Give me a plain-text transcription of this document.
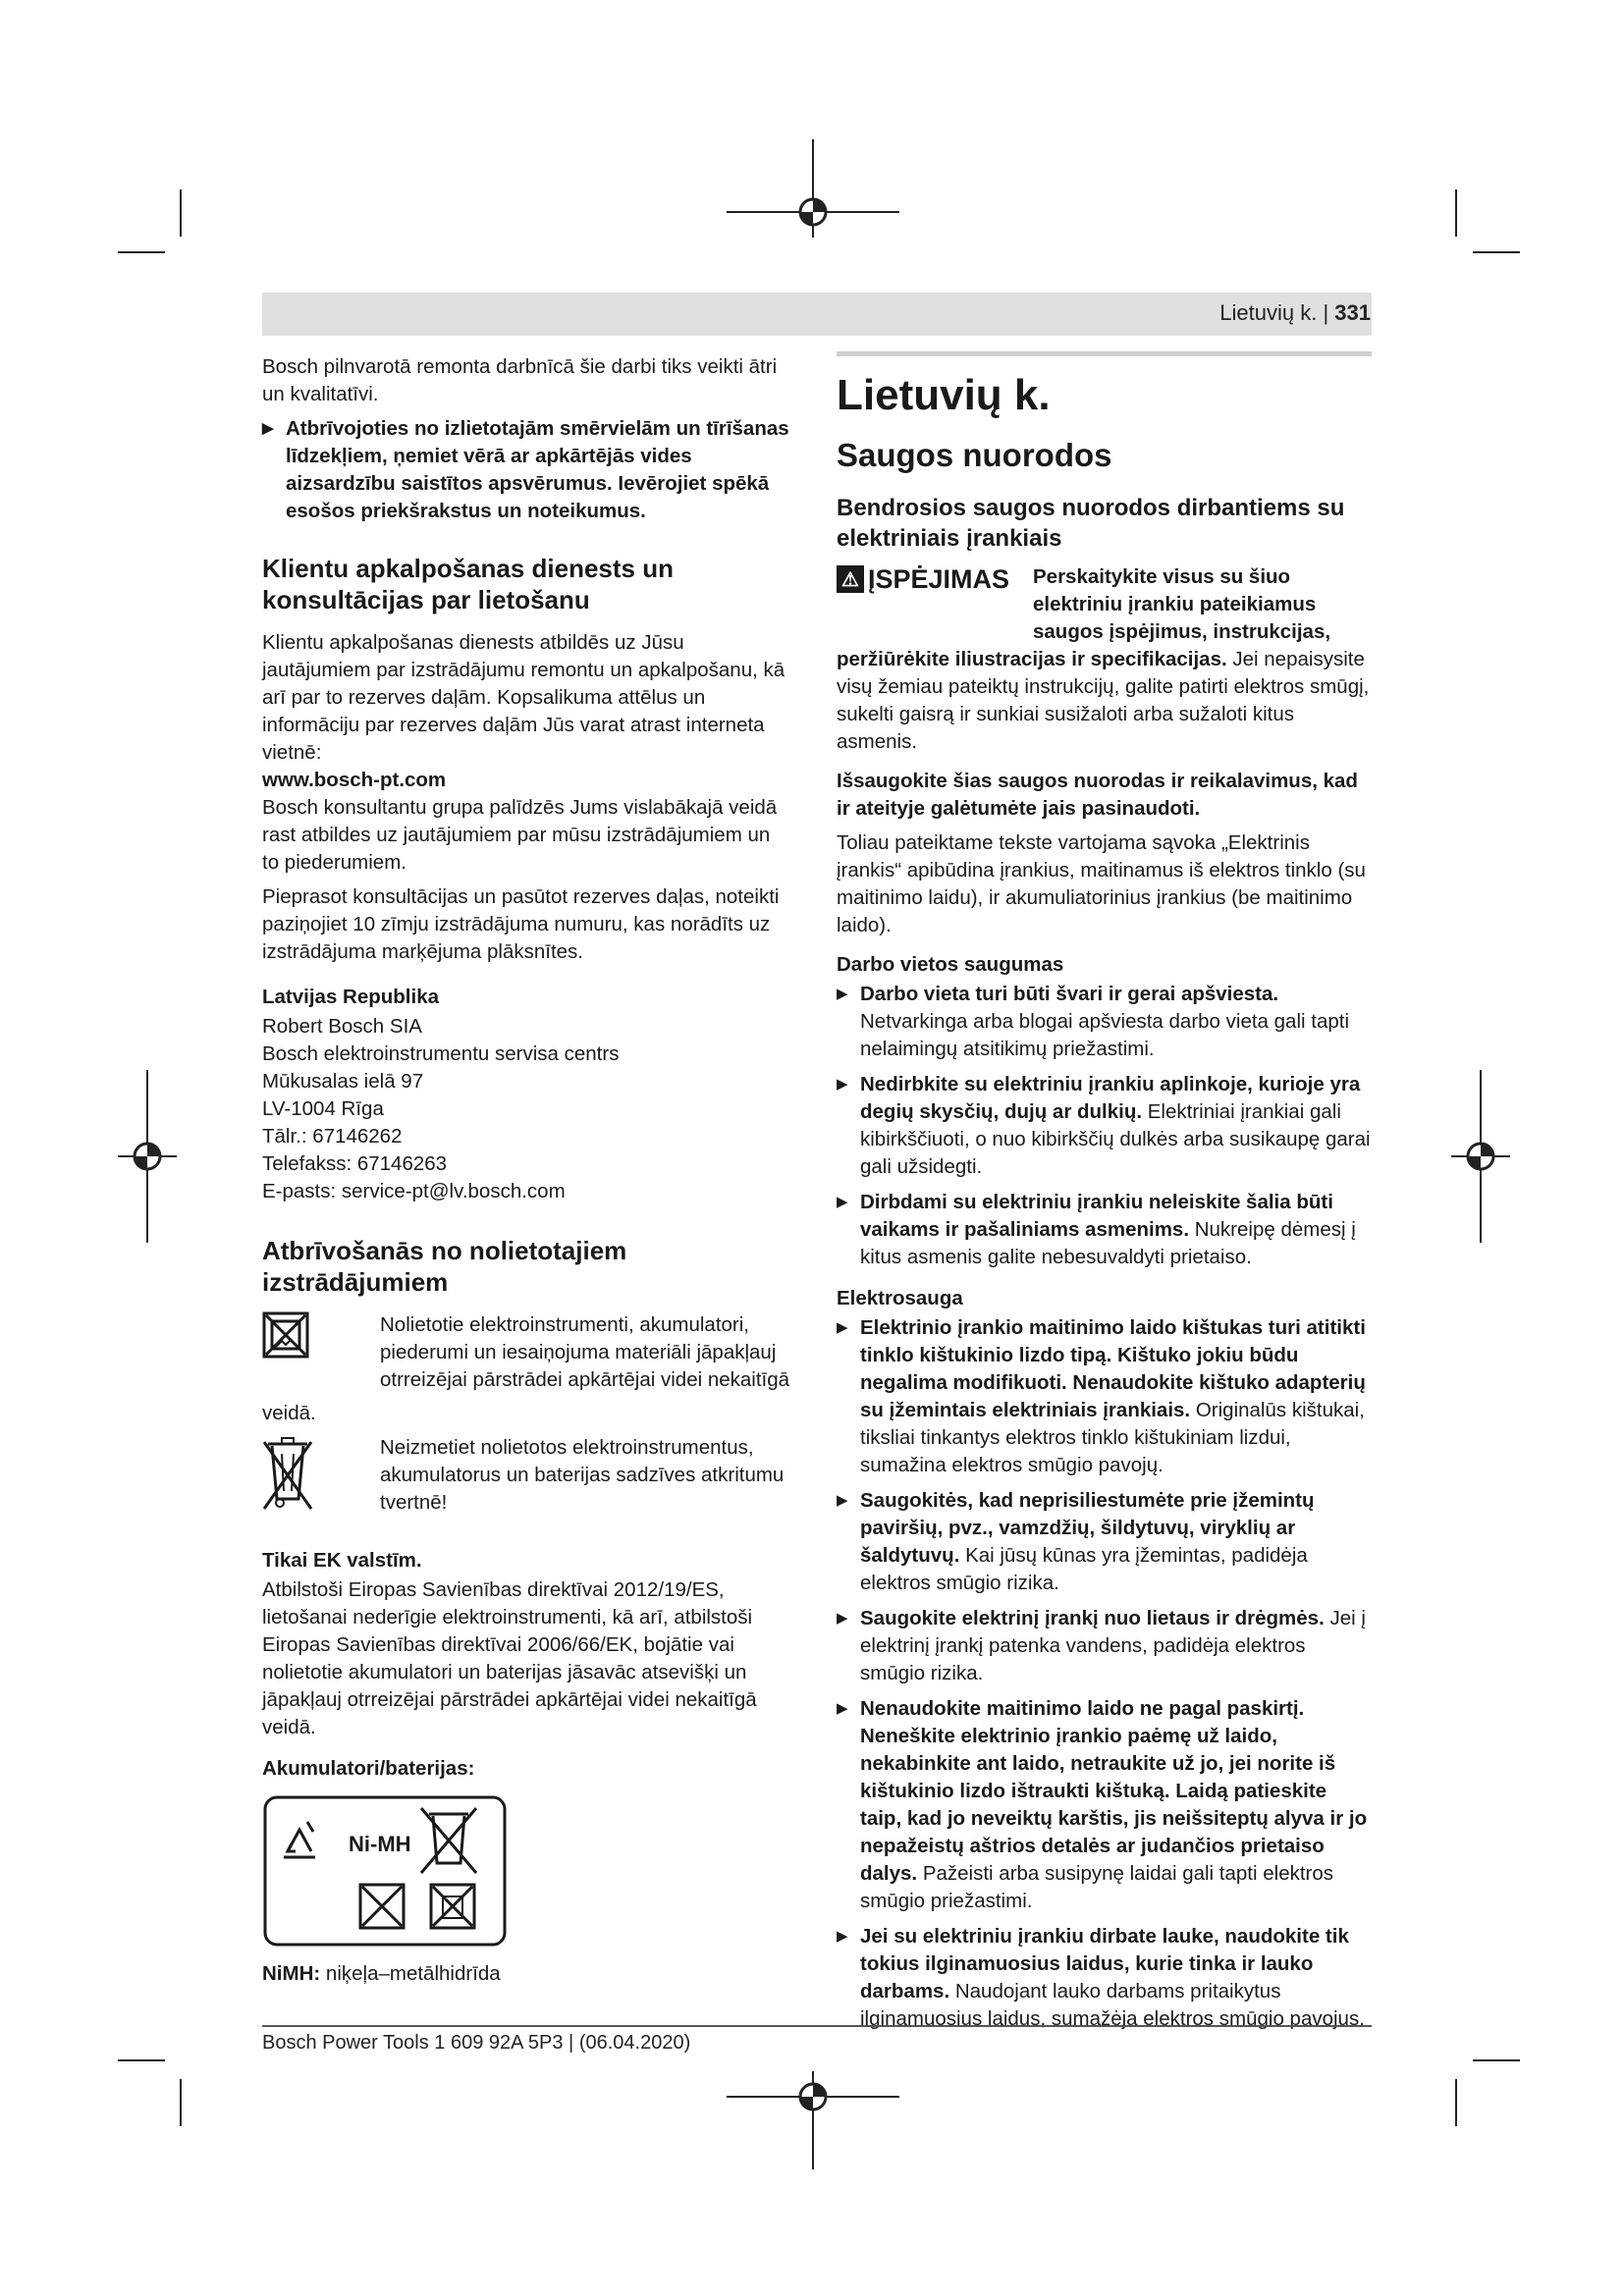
Lietuvių k. | 331

Bosch pilnvarotā remonta darbnīcā šie darbi tiks veikti ātri un kvalitatīvi.

▶ Atbrīvojoties no izlietotajām smērvielām un tīrīšanas līdzekļiem, ņemiet vērā ar apkārtējās vides aizsardzību saistītos apsvērumus. Ievērojiet spēkā esošos priekšrakstus un noteikumus.
Klientu apkalpošanas dienests un konsultācijas par lietošanu

Klientu apkalpošanas dienests atbildēs uz Jūsu jautājumiem par izstrādājumu remontu un apkalpošanu, kā arī par to rezerves daļām. Kopsalikuma attēlus un informāciju par rezerves daļām Jūs varat atrast interneta vietnē:

www.bosch-pt.com

Bosch konsultantu grupa palīdzēs Jums vislabākajā veidā rast atbildes uz jautājumiem par mūsu izstrādājumiem un to piederumiem.

Pieprasot konsultācijas un pasūtot rezerves daļas, noteikti paziņojiet 10 zīmju izstrādājuma numuru, kas norādīts uz izstrādājuma marķējuma plāksnītes.

Latvijas Republika
Robert Bosch SIA
Bosch elektroinstrumentu servisa centrs
Mūkusalas ielā 97
LV-1004 Rīga
Tālr.: 67146262
Telefakss: 67146263
E-pasts: service-pt@lv.bosch.com
Atbrīvošanās no nolietotajiem izstrādājumiem
Nolietotie elektroinstrumenti, akumulatori, piederumi un iesaiņojuma materiāli jāpakļauj otrreizējai pārstrādei apkārtējai videi nekaitīgā

veidā.

Neizmetiet nolietotos elektroinstrumentus, akumulatorus un baterijas sadzīves atkritumu tvertnē!
Tikai EK valstīm.

Atbilstoši Eiropas Savienības direktīvai 2012/19/ES, lietošanai nederīgie elektroinstrumenti, kā arī, atbilstoši Eiropas Savienības direktīvai 2006/66/EK, bojātie vai nolietotie akumulatori un baterijas jāsavāc atsevišķi un jāpakļauj otrreizējai pārstrādei apkārtējai videi nekaitīgā veidā.

Akumulatori/baterijas:
Ni-MH

NiMH: niķeļa–metālhidrīda

Lietuvių k.
Saugos nuorodos
Bendrosios saugos nuorodos dirbantiems su elektriniais įrankiais
⚠ ĮSPĖJIMAS Perskaitykite visus su šiuo elektriniu įrankiu pateikiamus saugos įspėjimus, instrukcijas, peržiūrėkite iliustracijas ir specifikacijas. Jei nepaisysite visų žemiau pateiktų instrukcijų, galite patirti elektros smūgį, sukelti gaisrą ir sunkiai susižaloti arba sužaloti kitus asmenis.

Išsaugokite šias saugos nuorodas ir reikalavimus, kad ir ateityje galėtumėte jais pasinaudoti.

Toliau pateiktame tekste vartojama sąvoka „Elektrinis įrankis“ apibūdina įrankius, maitinamus iš elektros tinklo (su maitinimo laidu), ir akumuliatorinius įrankius (be maitinimo laido).

Darbo vietos saugumas
▶ Darbo vieta turi būti švari ir gerai apšviesta. Netvarkinga arba blogai apšviesta darbo vieta gali tapti nelaimingų atsitikimų priežastimi.
▶ Nedirbkite su elektriniu įrankiu aplinkoje, kurioje yra degių skysčių, dujų ar dulkių. Elektriniai įrankiai gali kibirkščiuoti, o nuo kibirkščių dulkės arba susikaupę garai gali užsidegti.
▶ Dirbdami su elektriniu įrankiu neleiskite šalia būti vaikams ir pašaliniams asmenims. Nukreipę dėmesį į kitus asmenis galite nebesuvaldyti prietaiso.
Elektrosauga
▶ Elektrinio įrankio maitinimo laido kištukas turi atitikti tinklo kištukinio lizdo tipą. Kištuko jokiu būdu negalima modifikuoti. Nenaudokite kištuko adapterių su įžemintais elektriniais įrankiais. Originalūs kištukai, tiksliai tinkantys elektros tinklo kištukiniam lizdui, sumažina elektros smūgio pavojų.
▶ Saugokitės, kad neprisiliestumėte prie įžemintų paviršių, pvz., vamzdžių, šildytuvų, viryklių ar šaldytuvų. Kai jūsų kūnas yra įžemintas, padidėja elektros smūgio rizika.
▶ Saugokite elektrinį įrankį nuo lietaus ir drėgmės. Jei į elektrinį įrankį patenka vandens, padidėja elektros smūgio rizika.
▶ Nenaudokite maitinimo laido ne pagal paskirtį. Neneškite elektrinio įrankio paėmę už laido, nekabinkite ant laido, netraukite už jo, jei norite iš kištukinio lizdo ištraukti kištuką. Laidą patieskite taip, kad jo neveiktų karštis, jis neišsiteptų alyva ir jo nepažeistų aštrios detalės ar judančios prietaiso dalys. Pažeisti arba susipynę laidai gali tapti elektros smūgio priežastimi.
▶ Jei su elektriniu įrankiu dirbate lauke, naudokite tik tokius ilginamuosius laidus, kurie tinka ir lauko darbams. Naudojant lauko darbams pritaikytus ilginamuosius laidus, sumažėja elektros smūgio pavojus.
Bosch Power Tools 1 609 92A 5P3 | (06.04.2020)
